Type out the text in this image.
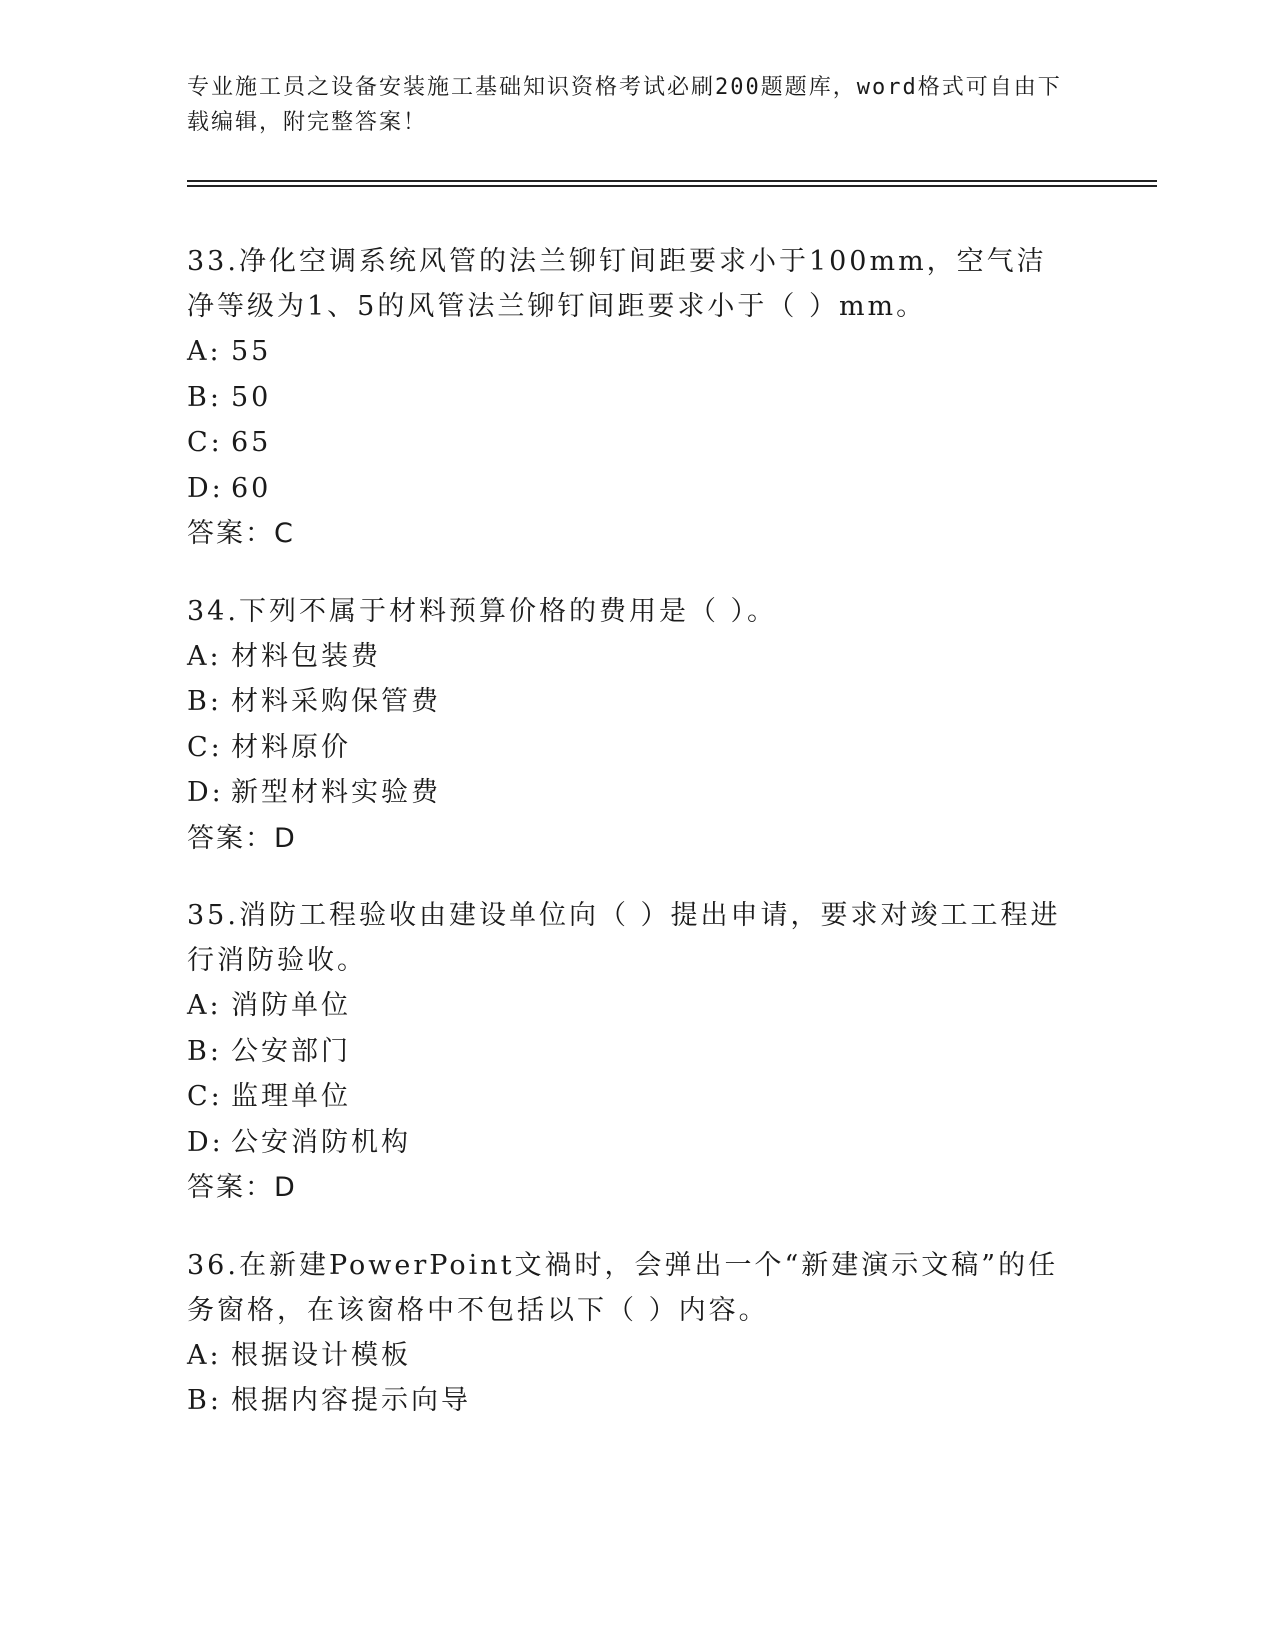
专业施工员之设备安装施工基础知识资格考试必刷200题题库，word格式可自由下载编辑，附完整答案！

33.净化空调系统风管的法兰铆钉间距要求小于100mm，空气洁净等级为1、5的风管法兰铆钉间距要求小于（ ）mm。

A: 55

B: 50

C: 65

D: 60

答案：C

34.下列不属于材料预算价格的费用是（ ）。

A: 材料包装费

B: 材料采购保管费

C: 材料原价

D: 新型材料实验费

答案：D

35.消防工程验收由建设单位向（ ）提出申请，要求对竣工工程进行消防验收。

A: 消防单位

B: 公安部门

C: 监理单位

D: 公安消防机构

答案：D

36.在新建PowerPoint文禍时，会弹出一个“新建演示文稿”的任务窗格，在该窗格中不包括以下（ ）内容。

A: 根据设计模板

B: 根据内容提示向导
